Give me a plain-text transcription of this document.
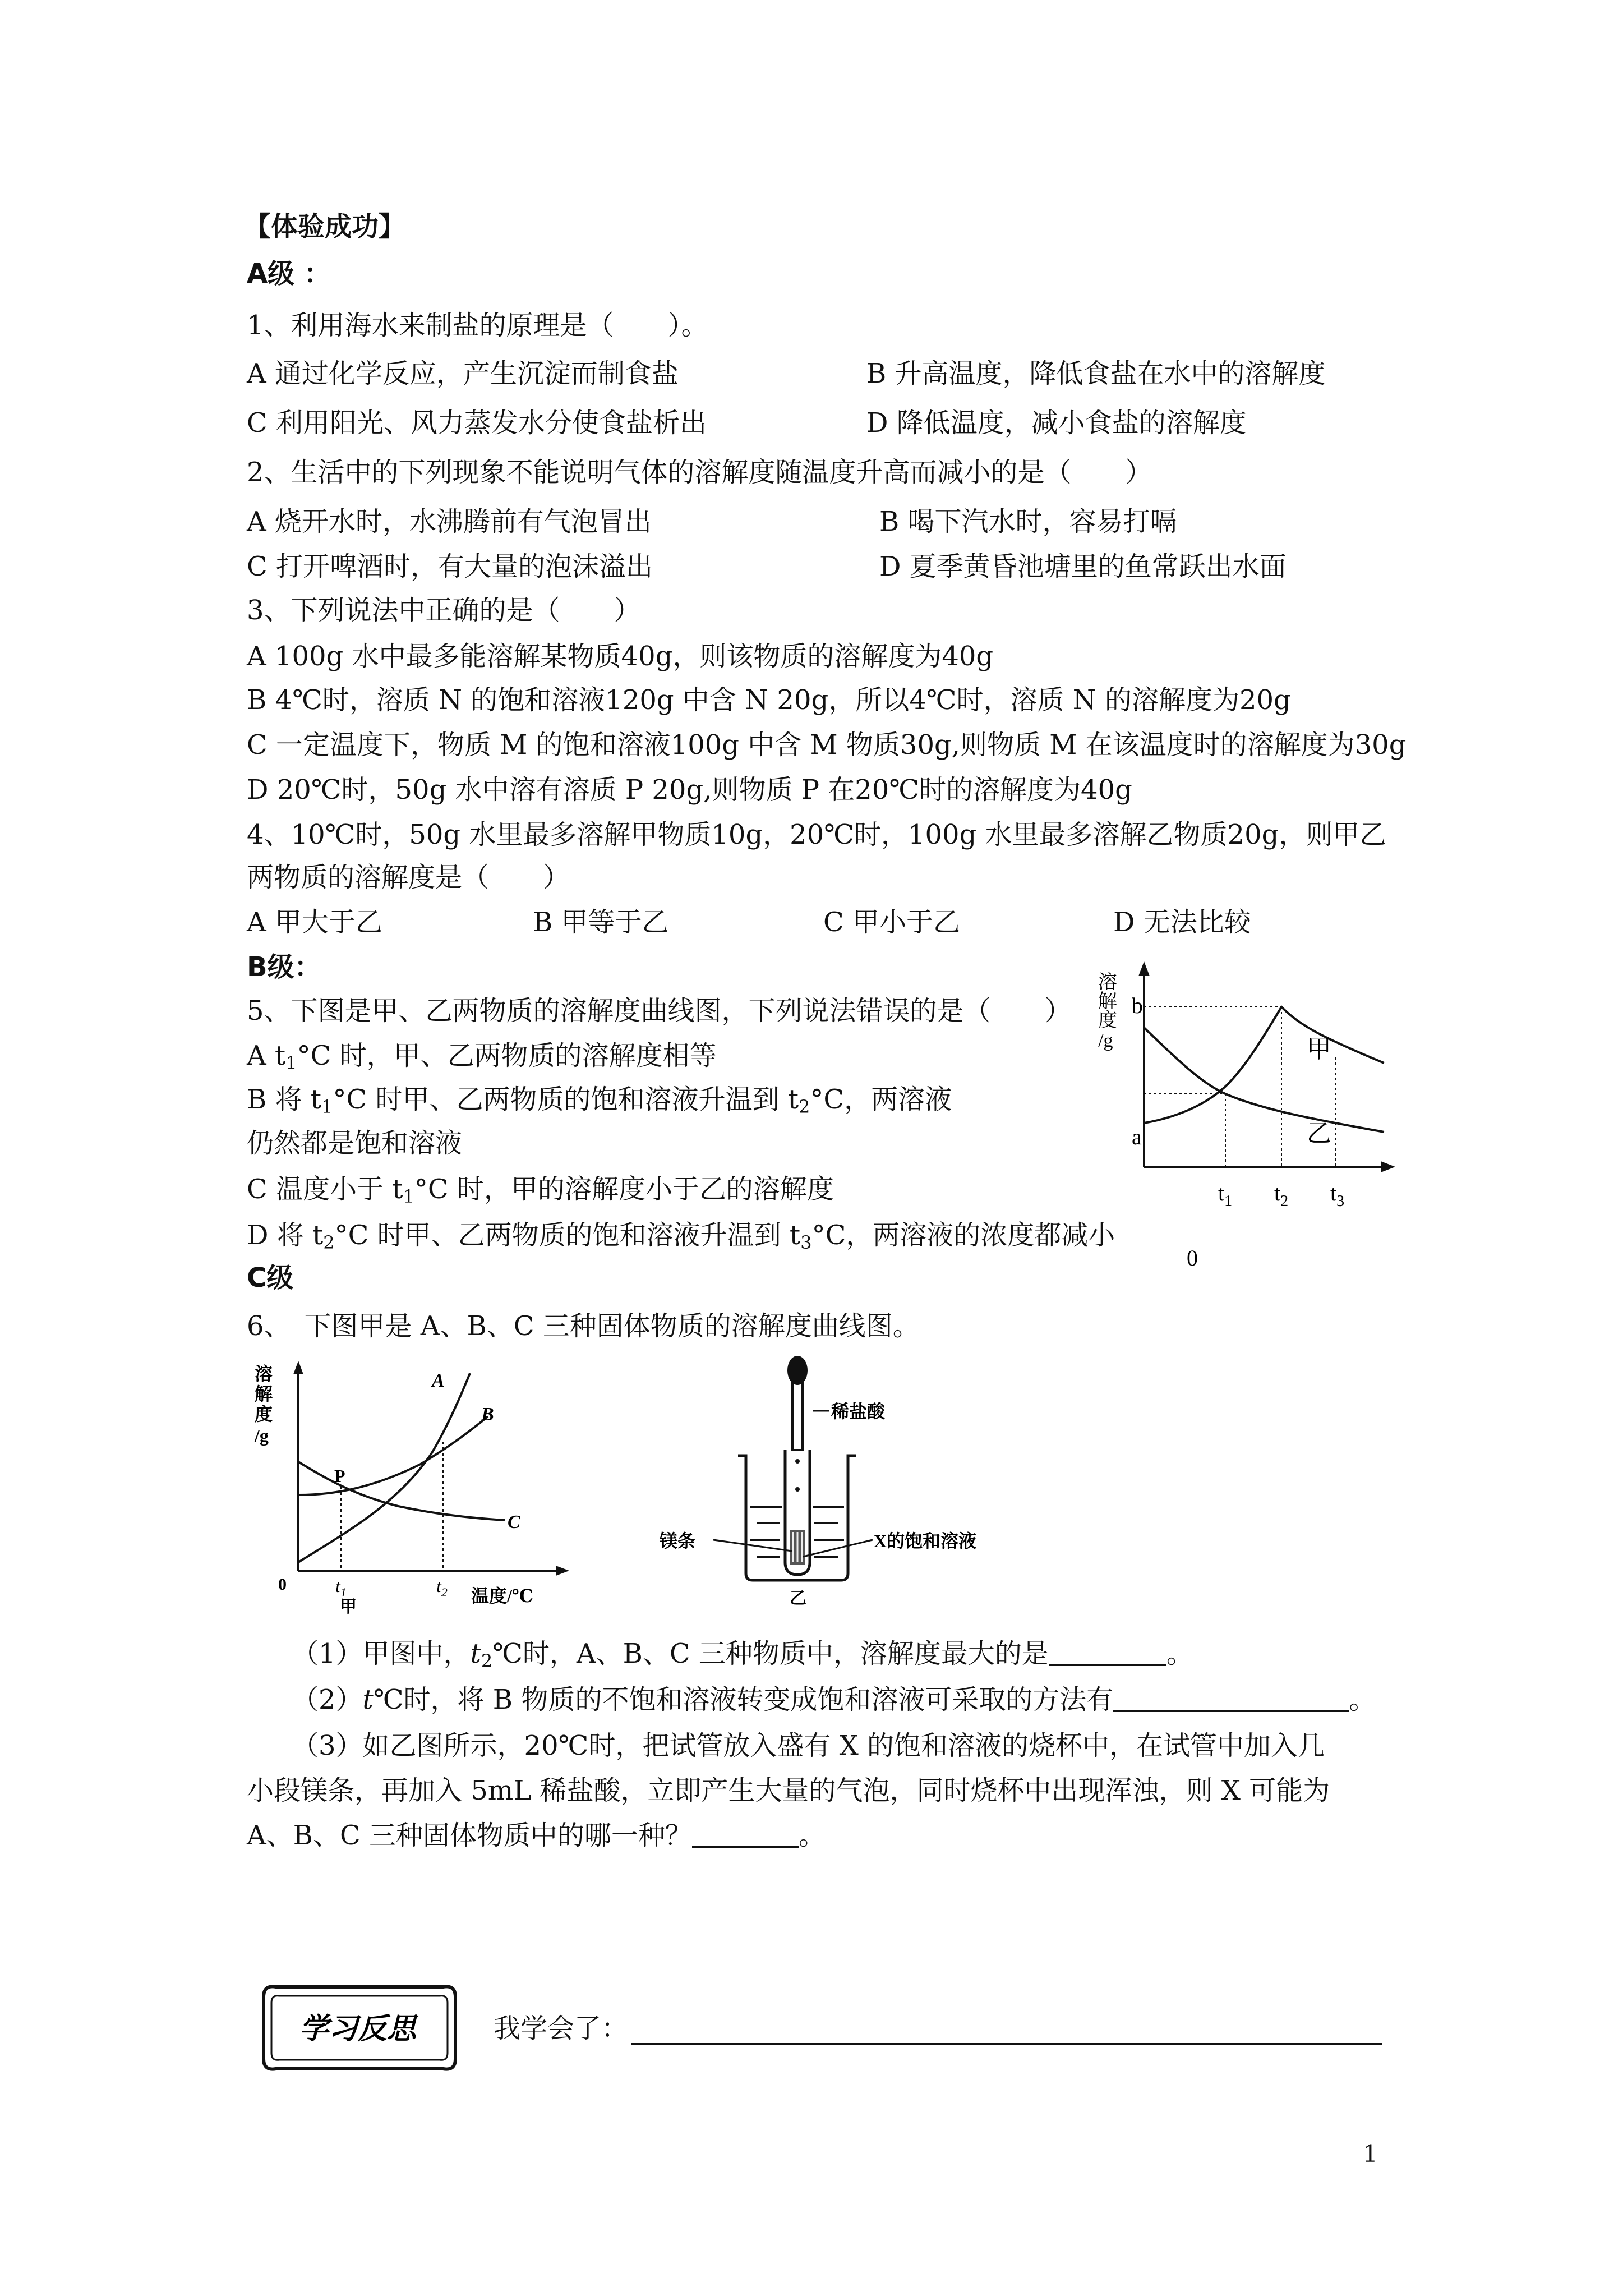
【体验成功】
A级 ：
1、利用海水来制盐的原理是（　　）。
A 通过化学反应，产生沉淀而制食盐	B 升高温度，降低食盐在水中的溶解度
C 利用阳光、风力蒸发水分使食盐析出	D 降低温度，减小食盐的溶解度
2、生活中的下列现象不能说明气体的溶解度随温度升高而减小的是（　　）
A 烧开水时，水沸腾前有气泡冒出	B 喝下汽水时，容易打嗝
C 打开啤酒时，有大量的泡沫溢出	D 夏季黄昏池塘里的鱼常跃出水面
3、下列说法中正确的是（　　）
A 100g 水中最多能溶解某物质40g，则该物质的溶解度为40g
B 4℃时，溶质 N 的饱和溶液120g 中含 N 20g，所以4℃时，溶质 N 的溶解度为20g
C 一定温度下，物质 M 的饱和溶液100g 中含 M 物质30g,则物质 M 在该温度时的溶解度为30g
D 20℃时，50g 水中溶有溶质 P 20g,则物质 P 在20℃时的溶解度为40g
4、10℃时，50g 水里最多溶解甲物质10g，20℃时，100g 水里最多溶解乙物质20g，则甲乙
两物质的溶解度是（　　）
A 甲大于乙	B 甲等于乙	C 甲小于乙	D 无法比较
B级：
5、下图是甲、乙两物质的溶解度曲线图，下列说法错误的是（　　）
A $t_1^\circ C$ 时，甲、乙两物质的溶解度相等
B 将 $t_1^\circ C$ 时甲、乙两物质的饱和溶液升温到 $t_2^\circ C$，两溶液
仍然都是饱和溶液
C 温度小于 $t_1^\circ C$ 时，甲的溶解度小于乙的溶解度
D 将 $t_2^\circ C$ 时甲、乙两物质的饱和溶液升温到 $t_3^\circ C$，两溶液的浓度都减小
溶
解
度
/g
b
a
甲
乙
$t_1$ $t_2$ $t_3$
0
C级
6、　下图甲是 A、B、C 三种固体物质的溶解度曲线图。
溶
解
度
/g
A
B
C
P
0	$t_1$	$t_2$ 温度/℃
甲
稀盐酸
镁条	X的饱和溶液
乙
（1）甲图中，$t_2℃$时，A、B、C 三种物质中，溶解度最大的是	。
（2）t℃时，将 B 物质的不饱和溶液转变成饱和溶液可采取的方法有	。
（3）如乙图所示，20℃时，把试管放入盛有 X 的饱和溶液的烧杯中，在试管中加入几
小段镁条，再加入 5mL 稀盐酸，立即产生大量的气泡，同时烧杯中出现浑浊，则 X 可能为
A、B、C 三种固体物质中的哪一种？	。
学习反思	我学会了：
1
